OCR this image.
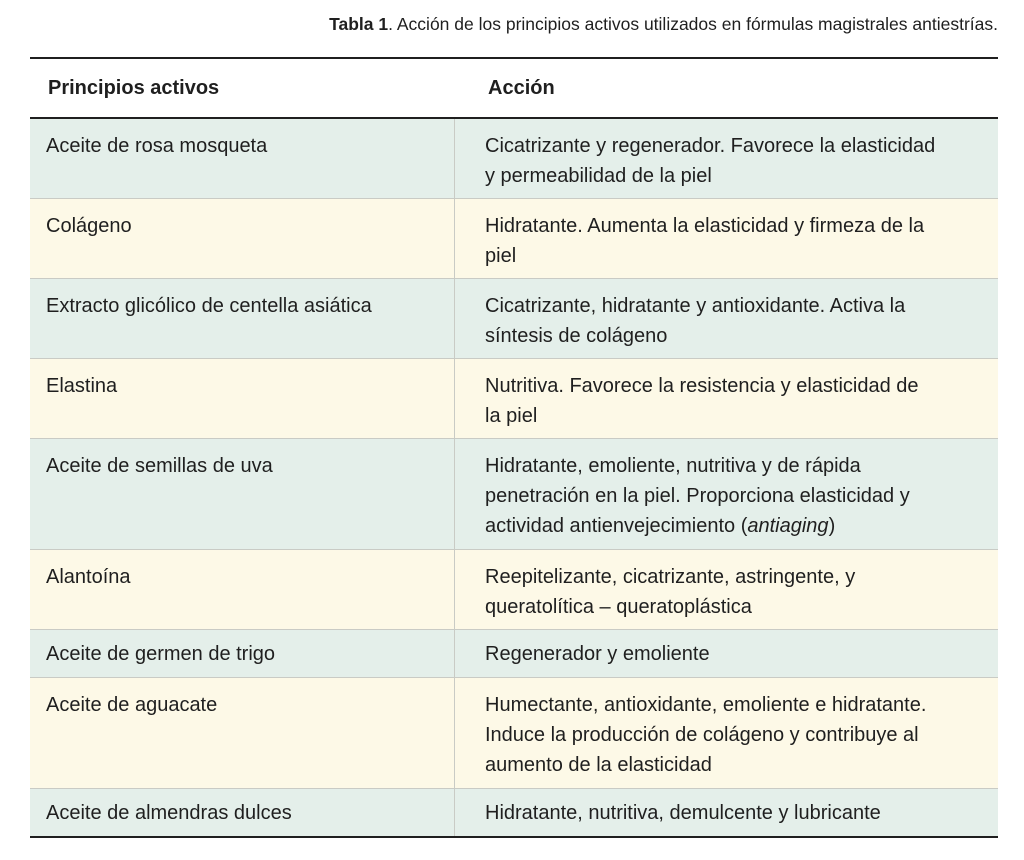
Tabla 1. Acción de los principios activos utilizados en fórmulas magistrales antiestrías.
Principios activos	Acción
Aceite de rosa mosqueta	Cicatrizante y regenerador. Favorece la elasticidad y permeabilidad de la piel
Colágeno	Hidratante. Aumenta la elasticidad y firmeza de la piel
Extracto glicólico de centella asiática	Cicatrizante, hidratante y antioxidante. Activa la síntesis de colágeno
Elastina	Nutritiva. Favorece la resistencia y elasticidad de la piel
Aceite de semillas de uva	Hidratante, emoliente, nutritiva y de rápida penetración en la piel. Proporciona elasticidad y actividad antienvejecimiento (antiaging)
Alantoína	Reepitelizante, cicatrizante, astringente, y queratolítica – queratoplástica
Aceite de germen de trigo	Regenerador y emoliente
Aceite de aguacate	Humectante, antioxidante, emoliente e hidratante. Induce la producción de colágeno y contribuye al aumento de la elasticidad
Aceite de almendras dulces	Hidratante, nutritiva, demulcente y lubricante
